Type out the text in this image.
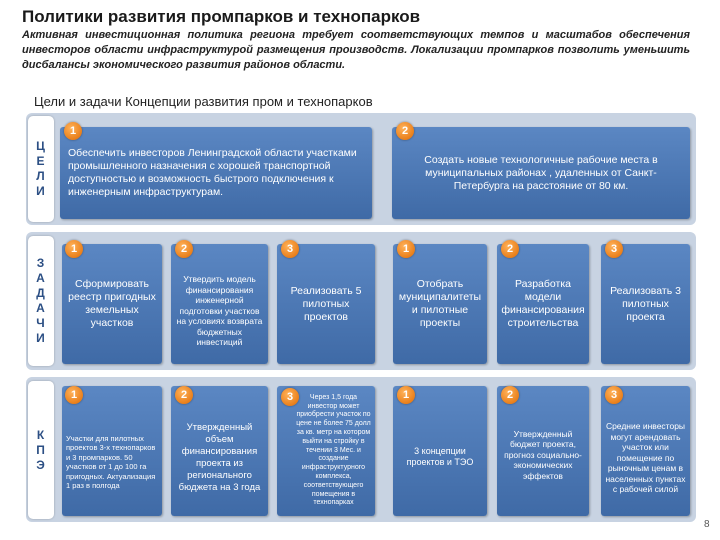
Политики развития промпарков и технопарков
Активная инвестиционная политика региона требует соответствующих темпов и масштабов обеспечения инвесторов области инфраструктурой размещения производств. Локализации промпарков позволить уменьшить дисбалансы экономического развития районов области.
Цели и задачи Концепции развития пром и технопарков
Ц
Е
Л
И
З
А
Д
А
Ч
И
К
П
Э
1
Обеспечить инвесторов Ленинградской области участками промышленного назначения с хорошей транспортной доступностью и возможность быстрого подключения к инженерным инфраструктурам.
2
Создать новые технологичные рабочие места в муниципальных районах , удаленных от Санкт-Петербурга на расстояние от 80 км.
1
Сформировать реестр пригодных земельных участков
2
Утвердить модель финансирования инженерной подготовки участков на условиях возврата бюджетных инвестиций
3
Реализовать 5 пилотных проектов
1
Отобрать муниципалитеты и пилотные проекты
2
Разработка модели финансирования строительства
3
Реализовать 3 пилотных проекта
1
Участки для пилотных проектов 3-х технопарков и 3 промпарков. 50 участков от 1 до 100 га пригодных. Актуализация 1 раз в полгода
2
Утвержденный объем финансирования проекта из регионального бюджета на 3 года
3	Через 1,5 года инвестор может приобрести участок по цене не более 75 долл за кв. метр на котором выйти на стройку в течении 3 Мес. и создание инфраструктурного комплекса, соответствующего помещения в технопарках
1
3 концепции проектов и ТЭО
2
Утвержденный бюджет проекта, прогноз социально-экономических эффектов
3
Средние инвесторы могут арендовать участок или помещение по рыночным ценам в населенных пунктах с рабочей силой
8
